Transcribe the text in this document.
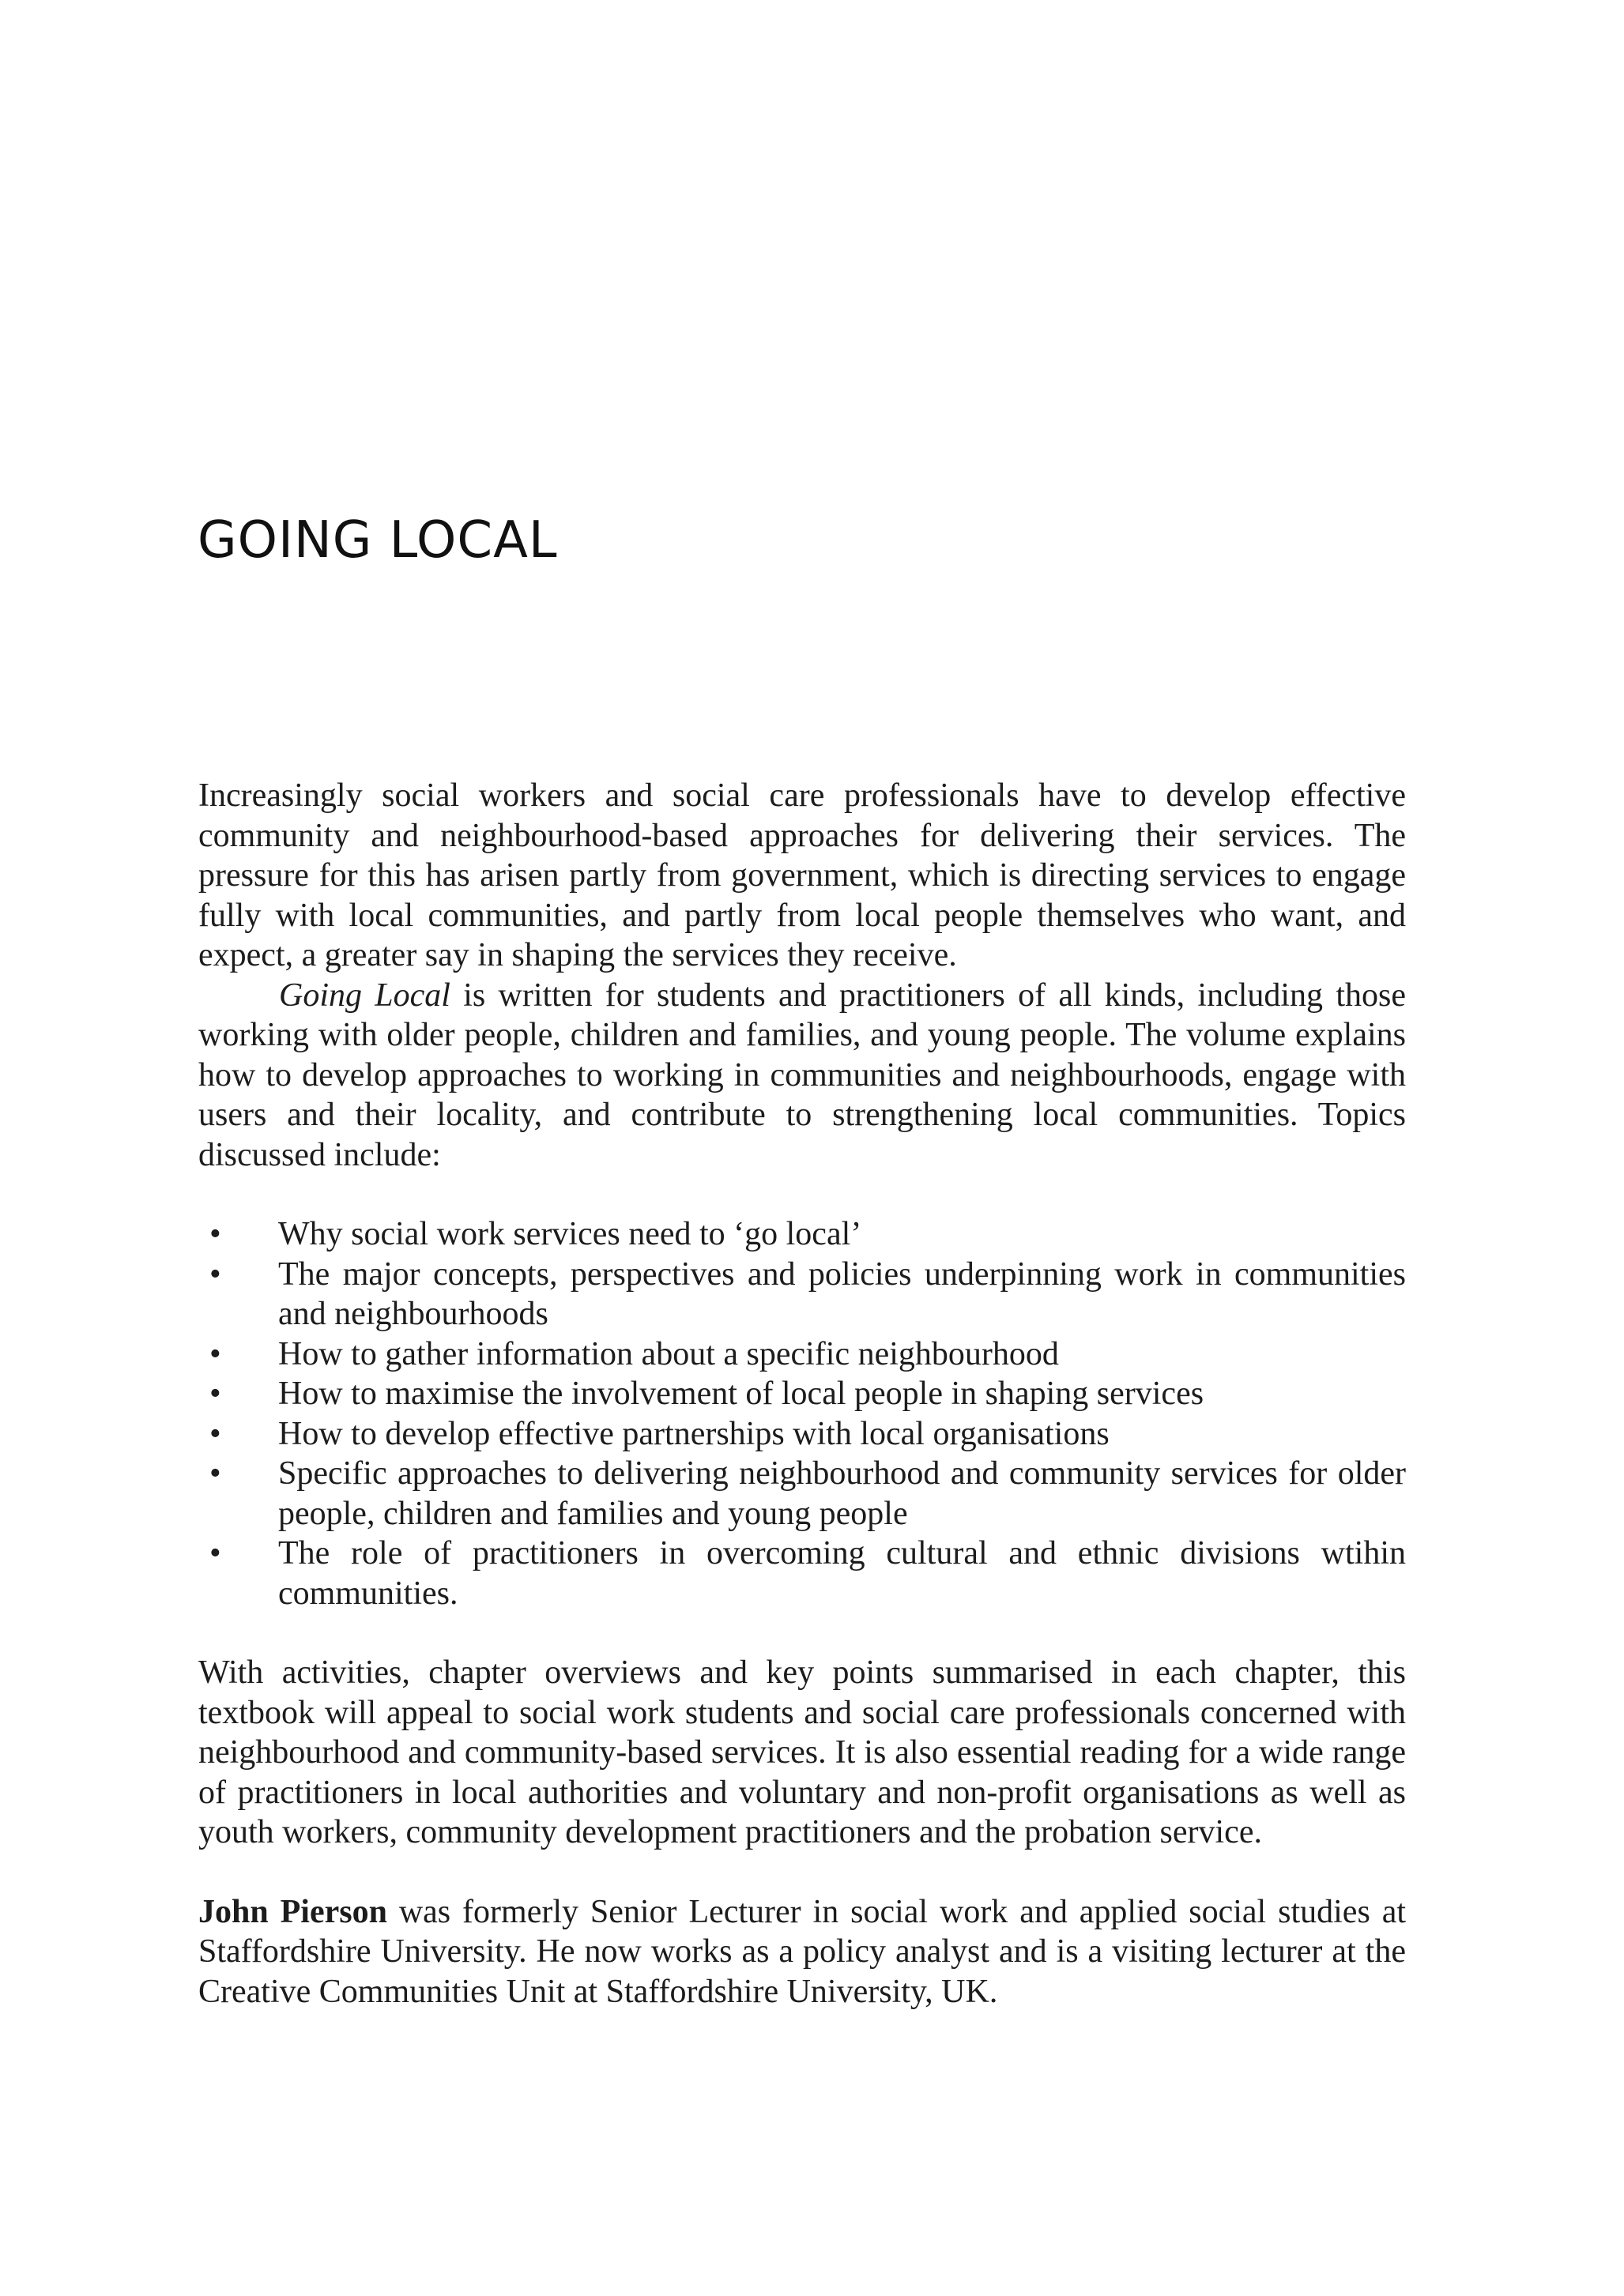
GOING LOCAL

Increasingly social workers and social care professionals have to develop effective community and neighbourhood-based approaches for delivering their services. The pressure for this has arisen partly from government, which is directing services to engage fully with local communities, and partly from local people themselves who want, and expect, a greater say in shaping the services they receive.

Going Local is written for students and practitioners of all kinds, including those working with older people, children and families, and young people. The volume explains how to develop approaches to working in communities and neighbourhoods, engage with users and their locality, and contribute to strengthening local communities. Topics discussed include:

• Why social work services need to ‘go local’
• The major concepts, perspectives and policies underpinning work in communities and neighbourhoods
• How to gather information about a specific neighbourhood
• How to maximise the involvement of local people in shaping services
• How to develop effective partnerships with local organisations
• Specific approaches to delivering neighbourhood and community services for older people, children and families and young people
• The role of practitioners in overcoming cultural and ethnic divisions wtihin communities.

With activities, chapter overviews and key points summarised in each chapter, this textbook will appeal to social work students and social care professionals concerned with neighbourhood and community-based services. It is also essential reading for a wide range of practitioners in local authorities and voluntary and non-profit organisations as well as youth workers, community development practitioners and the probation service.

John Pierson was formerly Senior Lecturer in social work and applied social studies at Staffordshire University. He now works as a policy analyst and is a visiting lecturer at the Creative Communities Unit at Staffordshire University, UK.
